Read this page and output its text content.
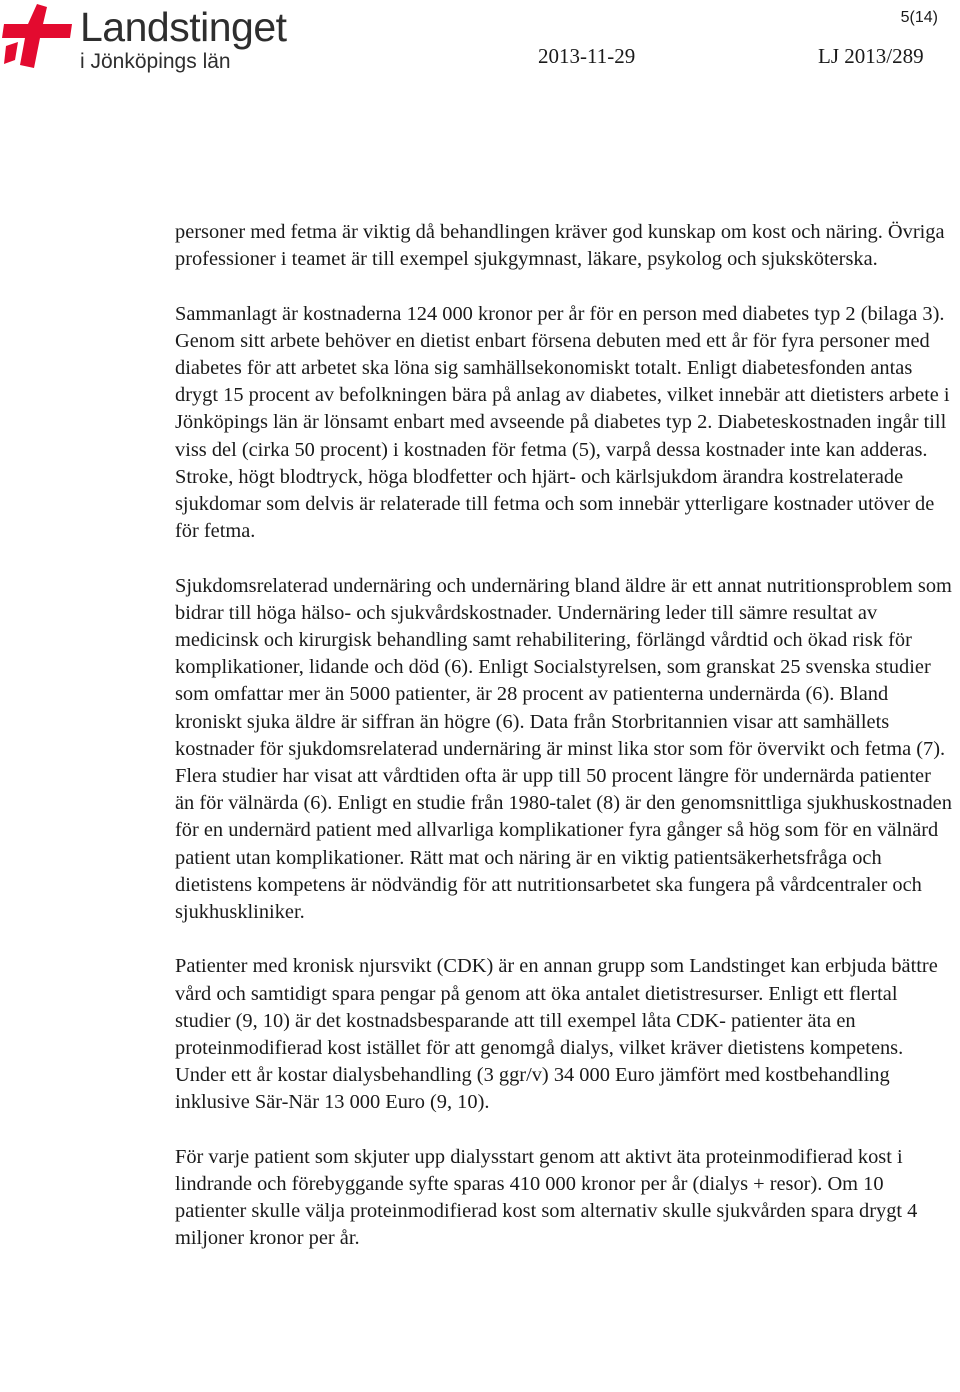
Landstinget
i Jönköpings län
5(14)
2013-11-29	LJ 2013/289

personer med fetma är viktig då behandlingen kräver god kunskap om kost och näring. Övriga professioner i teamet är till exempel sjukgymnast, läkare, psykolog och sjuksköterska.

Sammanlagt är kostnaderna 124 000 kronor per år för en person med diabetes typ 2 (bilaga 3). Genom sitt arbete behöver en dietist enbart försena debuten med ett år för fyra personer med diabetes för att arbetet ska löna sig samhällsekonomiskt totalt. Enligt diabetesfonden antas drygt 15 procent av befolkningen bära på anlag av diabetes, vilket innebär att dietisters arbete i Jönköpings län är lönsamt enbart med avseende på diabetes typ 2. Diabeteskostnaden ingår till viss del (cirka 50 procent) i kostnaden för fetma (5), varpå dessa kostnader inte kan adderas. Stroke, högt blodtryck, höga blodfetter och hjärt- och kärlsjukdom ärandra kostrelaterade sjukdomar som delvis är relaterade till fetma och som innebär ytterligare kostnader utöver de för fetma.

Sjukdomsrelaterad undernäring och undernäring bland äldre är ett annat nutritionsproblem som bidrar till höga hälso- och sjukvårdskostnader. Undernäring leder till sämre resultat av medicinsk och kirurgisk behandling samt rehabilitering, förlängd vårdtid och ökad risk för komplikationer, lidande och död (6). Enligt Socialstyrelsen, som granskat 25 svenska studier som omfattar mer än 5000 patienter, är 28 procent av patienterna undernärda (6). Bland kroniskt sjuka äldre är siffran än högre (6). Data från Storbritannien visar att samhällets kostnader för sjukdomsrelaterad undernäring är minst lika stor som för övervikt och fetma (7). Flera studier har visat att vårdtiden ofta är upp till 50 procent längre för undernärda patienter än för välnärda (6). Enligt en studie från 1980-talet (8) är den genomsnittliga sjukhuskostnaden för en undernärd patient med allvarliga komplikationer fyra gånger så hög som för en välnärd patient utan komplikationer. Rätt mat och näring är en viktig patientsäkerhetsfråga och dietistens kompetens är nödvändig för att nutritionsarbetet ska fungera på vårdcentraler och sjukhuskliniker.

Patienter med kronisk njursvikt (CDK) är en annan grupp som Landstinget kan erbjuda bättre vård och samtidigt spara pengar på genom att öka antalet dietistresurser. Enligt ett flertal studier (9, 10) är det kostnadsbesparande att till exempel låta CDK- patienter äta en proteinmodifierad kost istället för att genomgå dialys, vilket kräver dietistens kompetens. Under ett år kostar dialysbehandling (3 ggr/v) 34 000 Euro jämfört med kostbehandling inklusive Sär-När 13 000 Euro (9, 10).

För varje patient som skjuter upp dialysstart genom att aktivt äta proteinmodifierad kost i lindrande och förebyggande syfte sparas 410 000 kronor per år (dialys + resor). Om 10 patienter skulle välja proteinmodifierad kost som alternativ skulle sjukvården spara drygt 4 miljoner kronor per år.
